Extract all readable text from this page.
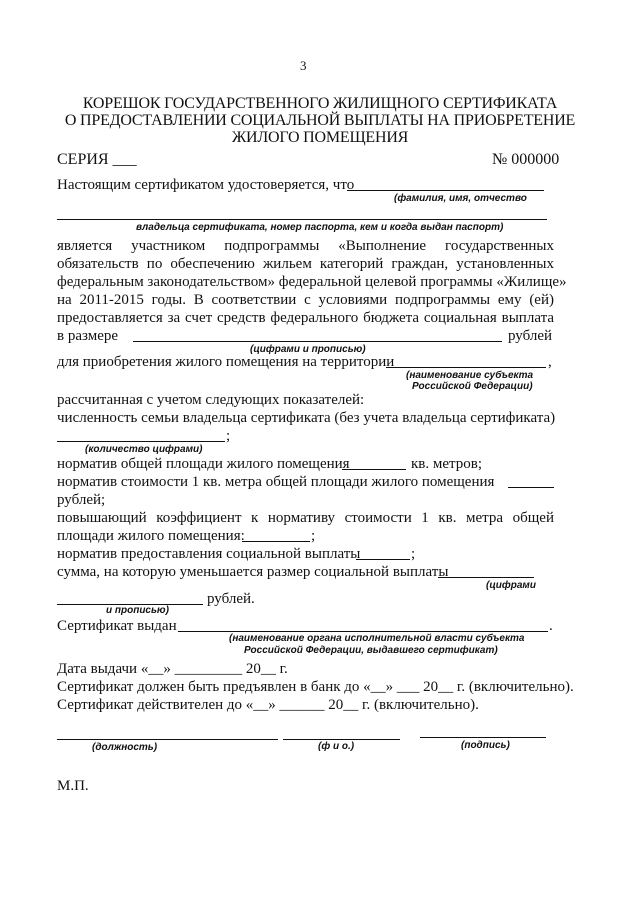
3
КОРЕШОК ГОСУДАРСТВЕННОГО ЖИЛИЩНОГО СЕРТИФИКАТА
О ПРЕДОСТАВЛЕНИИ СОЦИАЛЬНОЙ ВЫПЛАТЫ НА ПРИОБРЕТЕНИЕ
ЖИЛОГО ПОМЕЩЕНИЯ
СЕРИЯ ___	№ 000000
Настоящим сертификатом удостоверяется, что
(фамилия, имя, отчество
владельца сертификата, номер паспорта, кем и когда выдан паспорт)
является участником подпрограммы «Выполнение государственных
обязательств по обеспечению жильем категорий граждан, установленных
федеральным законодательством» федеральной целевой программы «Жилище»
на 2011-2015 годы. В соответствии с условиями подпрограммы ему (ей)
предоставляется за счет средств федерального бюджета социальная выплата
в размере	рублей
(цифрами и прописью)
для приобретения жилого помещения на территории	,
(наименование субъекта
Российской Федерации)
рассчитанная с учетом следующих показателей:
численность семьи владельца сертификата (без учета владельца сертификата)
;
(количество цифрами)
норматив общей площади жилого помещения	кв. метров;
норматив стоимости 1 кв. метра общей площади жилого помещения
рублей;
повышающий коэффициент к нормативу стоимости 1 кв. метра общей
площади жилого помещения:	;
норматив предоставления социальной выплаты	;
сумма, на которую уменьшается размер социальной выплаты
(цифрами
рублей.
и прописью)
Сертификат выдан	.
(наименование органа исполнительной власти субъекта
Российской Федерации, выдавшего сертификат)
Дата выдачи «__» _________ 20__ г.
Сертификат должен быть предъявлен в банк до «__» ___ 20__ г. (включительно).
Сертификат действителен до «__» ______ 20__ г. (включительно).
(должность)	(ф и о.)	(подпись)
М.П.
